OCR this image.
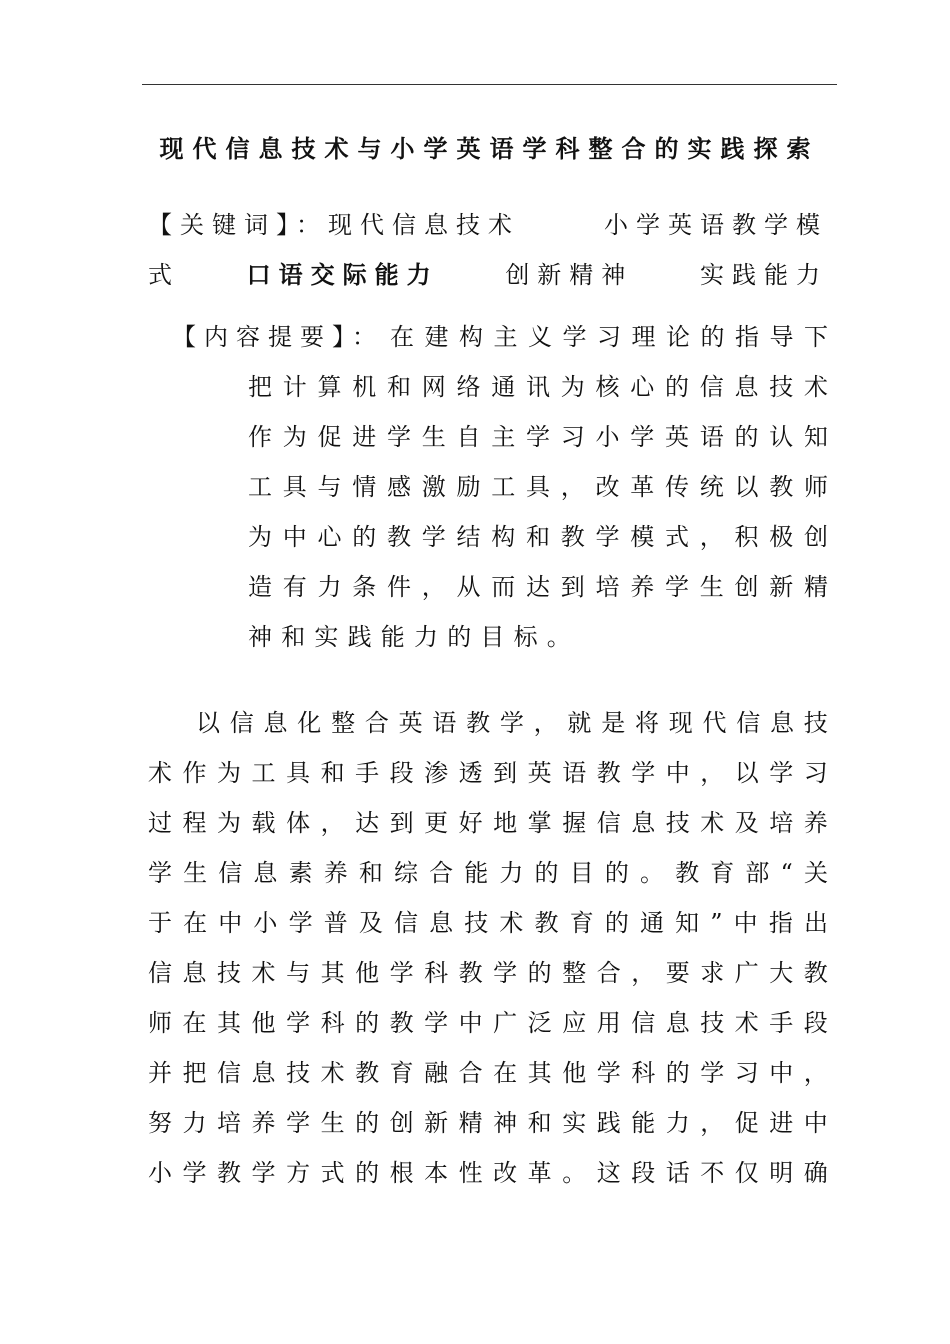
现代信息技术与小学英语学科整合的实践探索
【关键词】：现代信息技术	小学英语教学模
式	口语交际能力	创新精神	实践能力
【内容提要】： 在 建 构 主 义 学 习 理 论 的 指 导 下
把 计 算 机 和 网 络 通 讯 为 核 心 的 信 息 技 术
作 为 促 进 学 生 自 主 学 习 小 学 英 语 的 认 知
工 具 与 情 感 激 励 工 具 ， 改 革 传 统 以 教 师
为 中 心 的 教 学 结 构 和 教 学 模 式 ， 积 极 创
造 有 力 条 件 ， 从 而 达 到 培 养 学 生 创 新 精
神和实践能力的目标。
以 信 息 化 整 合 英 语 教 学 ， 就 是 将 现 代 信 息 技
术 作 为 工 具 和 手 段 渗 透 到 英 语 教 学 中 ， 以 学 习
过 程 为 载 体 ， 达 到 更 好 地 掌 握 信 息 技 术 及 培 养
学 生 信 息 素 养 和 综 合 能 力 的 目 的 。 教 育 部 “ 关
于 在 中 小 学 普 及 信 息 技 术 教 育 的 通 知 ” 中 指 出
信 息 技 术 与 其 他 学 科 教 学 的 整 合 ， 要 求 广 大 教
师 在 其 他 学 科 的 教 学 中 广 泛 应 用 信 息 技 术 手 段
并 把 信 息 技 术 教 育 融 合 在 其 他 学 科 的 学 习 中 ，
努 力 培 养 学 生 的 创 新 精 神 和 实 践 能 力 ， 促 进 中
小 学 教 学 方 式 的 根 本 性 改 革 。 这 段 话 不 仅 明 确
